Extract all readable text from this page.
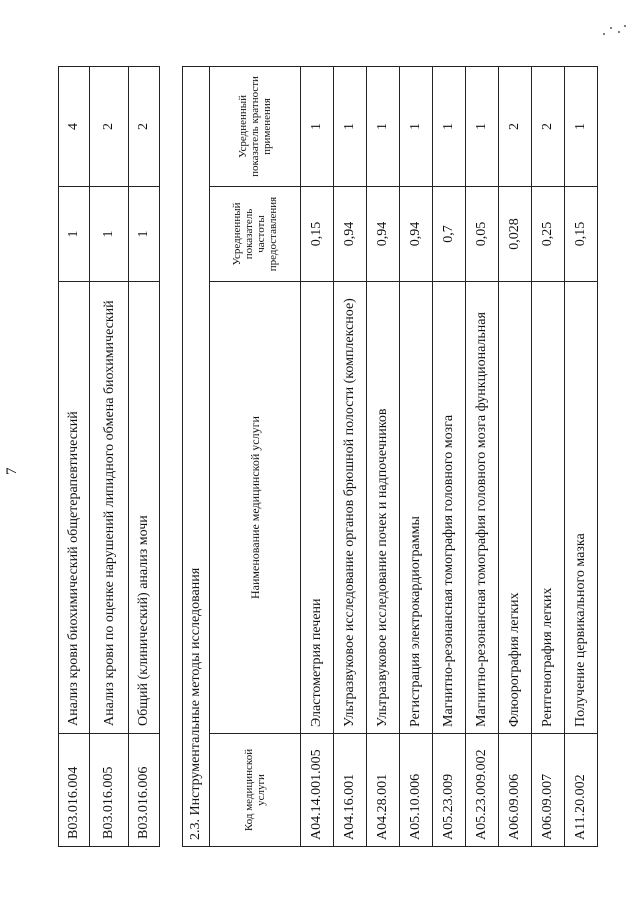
7
B03.016.004	Анализ крови биохимический общетерапевтический	1	4
B03.016.005	Анализ крови по оценке нарушений липидного обмена биохимический	1	2
B03.016.006	Общий (клинический) анализ мочи	1	2
2.3. Инструментальные методы исследования			
Код медицинской услуги	Наименование медицинской услуги	Усредненный показатель частоты предоставления	Усредненный показатель кратности применения
A04.14.001.005	Эластометрия печени	0,15	1
A04.16.001	Ультразвуковое исследование органов брюшной полости (комплексное)	0,94	1
A04.28.001	Ультразвуковое исследование почек и надпочечников	0,94	1
A05.10.006	Регистрация электрокардиограммы	0,94	1
A05.23.009	Магнитно-резонансная томография головного мозга	0,7	1
A05.23.009.002	Магнитно-резонансная томография головного мозга функциональная	0,05	1
A06.09.006	Флюорография легких	0,028	2
A06.09.007	Рентгенография легких	0,25	2
A11.20.002	Получение цервикального мазка	0,15	1
